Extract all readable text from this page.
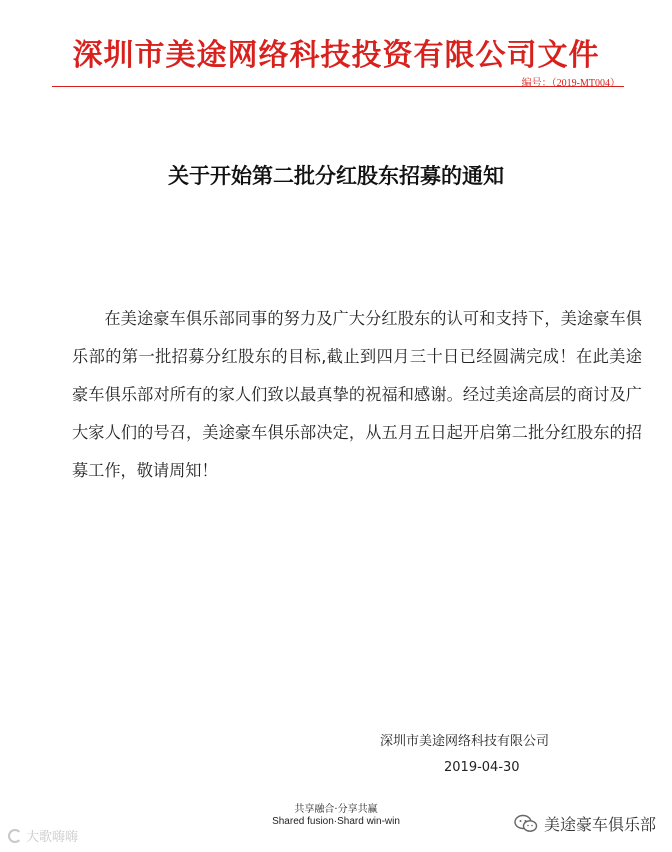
深圳市美途网络科技投资有限公司文件
编号：（2019-MT004）
关于开始第二批分红股东招募的通知

在美途豪车俱乐部同事的努力及广大分红股东的认可和支持下，美途豪车俱乐部的第一批招募分红股东的目标,截止到四月三十日已经圆满完成！在此美途豪车俱乐部对所有的家人们致以最真挚的祝福和感谢。经过美途高层的商讨及广大家人们的号召，美途豪车俱乐部决定，从五月五日起开启第二批分红股东的招募工作，敬请周知！

深圳市美途网络科技有限公司
2019-04-30
共享融合·分享共赢
Shared fusion·Shard win-win
大歌嗨嗨
美途豪车俱乐部
